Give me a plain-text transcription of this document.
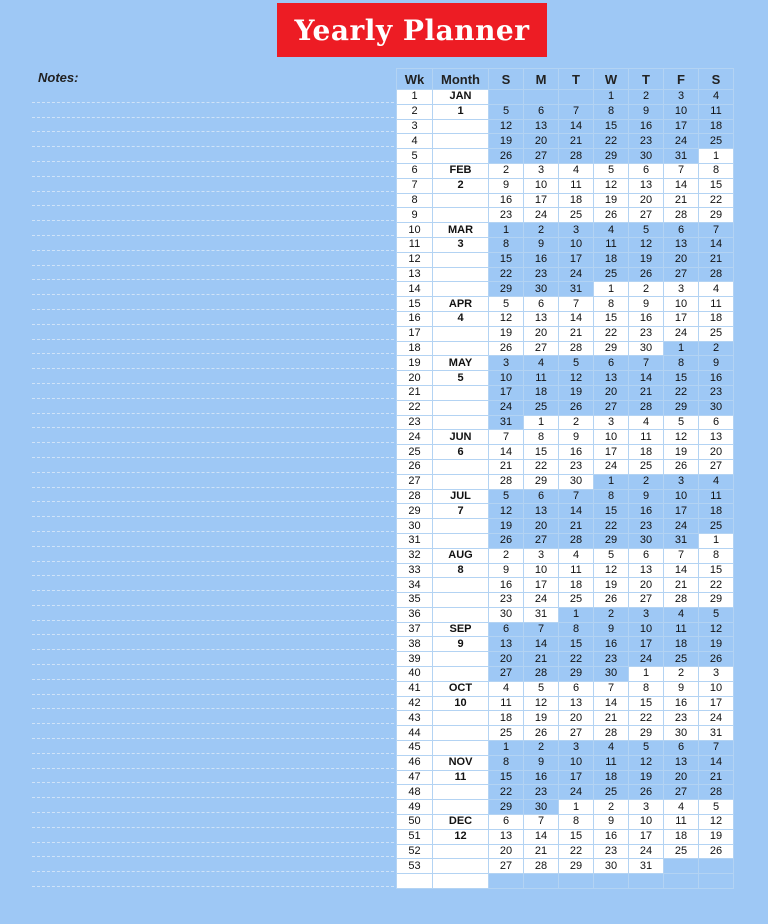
Yearly Planner
Notes:	Wk	Month	S	M	T	W	T	F	S
1	JAN				1	2	3	4
2	1	5	6	7	8	9	10	11
3		12	13	14	15	16	17	18
4		19	20	21	22	23	24	25
5		26	27	28	29	30	31	1
6	FEB	2	3	4	5	6	7	8
7	2	9	10	11	12	13	14	15
8		16	17	18	19	20	21	22
9		23	24	25	26	27	28	29
10	MAR	1	2	3	4	5	6	7
11	3	8	9	10	11	12	13	14
12		15	16	17	18	19	20	21
13		22	23	24	25	26	27	28
14		29	30	31	1	2	3	4
15	APR	5	6	7	8	9	10	11
16	4	12	13	14	15	16	17	18
17		19	20	21	22	23	24	25
18		26	27	28	29	30	1	2
19	MAY	3	4	5	6	7	8	9
20	5	10	11	12	13	14	15	16
21		17	18	19	20	21	22	23
22		24	25	26	27	28	29	30
23		31	1	2	3	4	5	6
24	JUN	7	8	9	10	11	12	13
25	6	14	15	16	17	18	19	20
26		21	22	23	24	25	26	27
27		28	29	30	1	2	3	4
28	JUL	5	6	7	8	9	10	11
29	7	12	13	14	15	16	17	18
30		19	20	21	22	23	24	25
31		26	27	28	29	30	31	1
32	AUG	2	3	4	5	6	7	8
33	8	9	10	11	12	13	14	15
34		16	17	18	19	20	21	22
35		23	24	25	26	27	28	29
36		30	31	1	2	3	4	5
37	SEP	6	7	8	9	10	11	12
38	9	13	14	15	16	17	18	19
39		20	21	22	23	24	25	26
40		27	28	29	30	1	2	3
41	OCT	4	5	6	7	8	9	10
42	10	11	12	13	14	15	16	17
43		18	19	20	21	22	23	24
44		25	26	27	28	29	30	31
45		1	2	3	4	5	6	7
46	NOV	8	9	10	11	12	13	14
47	11	15	16	17	18	19	20	21
48		22	23	24	25	26	27	28
49		29	30	1	2	3	4	5
50	DEC	6	7	8	9	10	11	12
51	12	13	14	15	16	17	18	19
52		20	21	22	23	24	25	26
53		27	28	29	30	31		
